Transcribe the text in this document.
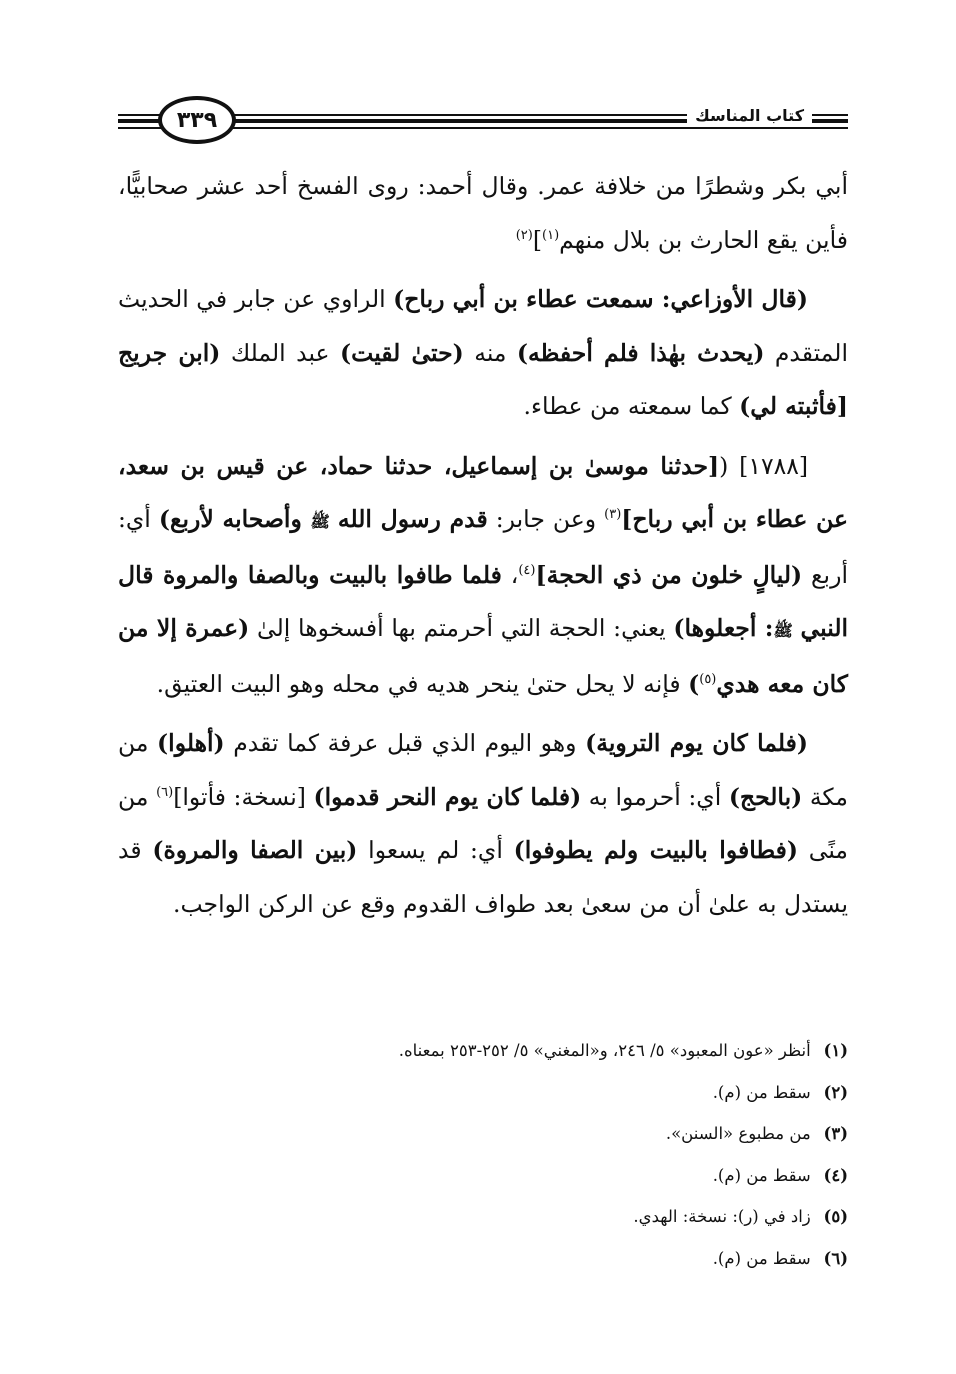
٣٣٩	كتاب المناسك

أبي بكر وشطرًا من خلافة عمر. وقال أحمد: روى الفسخ أحد عشر صحابيًّا، فأين يقع الحارث بن بلال منهم$^{(١)}$]$^{(٢)}$

(قال الأوزاعي: سمعت عطاء بن أبي رباح) الراوي عن جابر في الحديث المتقدم (يحدث بهٰذا فلم أحفظه) منه (حتىٰ لقيت) عبد الملك (ابن جريج [فأثبته لي) كما سمعته من عطاء.

[١٧٨٨] ([حدثنا موسىٰ بن إسماعيل، حدثنا حماد، عن قيس بن سعد، عن عطاء بن أبي رباح]$^{(٣)}$ وعن جابر: قدم رسول الله ﷺ وأصحابه لأربع) أي: أربع (ليالٍ خلون من ذي الحجة]$^{(٤)}$، فلما طافوا بالبيت وبالصفا والمروة قال النبي ﷺ: أجعلوها) يعني: الحجة التي أحرمتم بها أفسخوها إلىٰ (عمرة إلا من كان معه هدي$^{(٥)}$) فإنه لا يحل حتىٰ ينحر هديه في محله وهو البيت العتيق.

(فلما كان يوم التروية) وهو اليوم الذي قبل عرفة كما تقدم (أهلوا) من مكة (بالحج) أي: أحرموا به (فلما كان يوم النحر قدموا) [نسخة: فأتوا]$^{(٦)}$ من منًى (فطافوا بالبيت ولم يطوفوا) أي: لم يسعوا (بين الصفا والمروة) قد يستدل به علىٰ أن من سعىٰ بعد طواف القدوم وقع عن الركن الواجب.

(١) أنظر «عون المعبود» ٥/ ٢٤٦، و«المغني» ٥/ ٢٥٢-٢٥٣ بمعناه.

(٢) سقط من (م).

(٣) من مطبوع «السنن».

(٤) سقط من (م).

(٥) زاد في (ر): نسخة: الهدي.

(٦) سقط من (م).
